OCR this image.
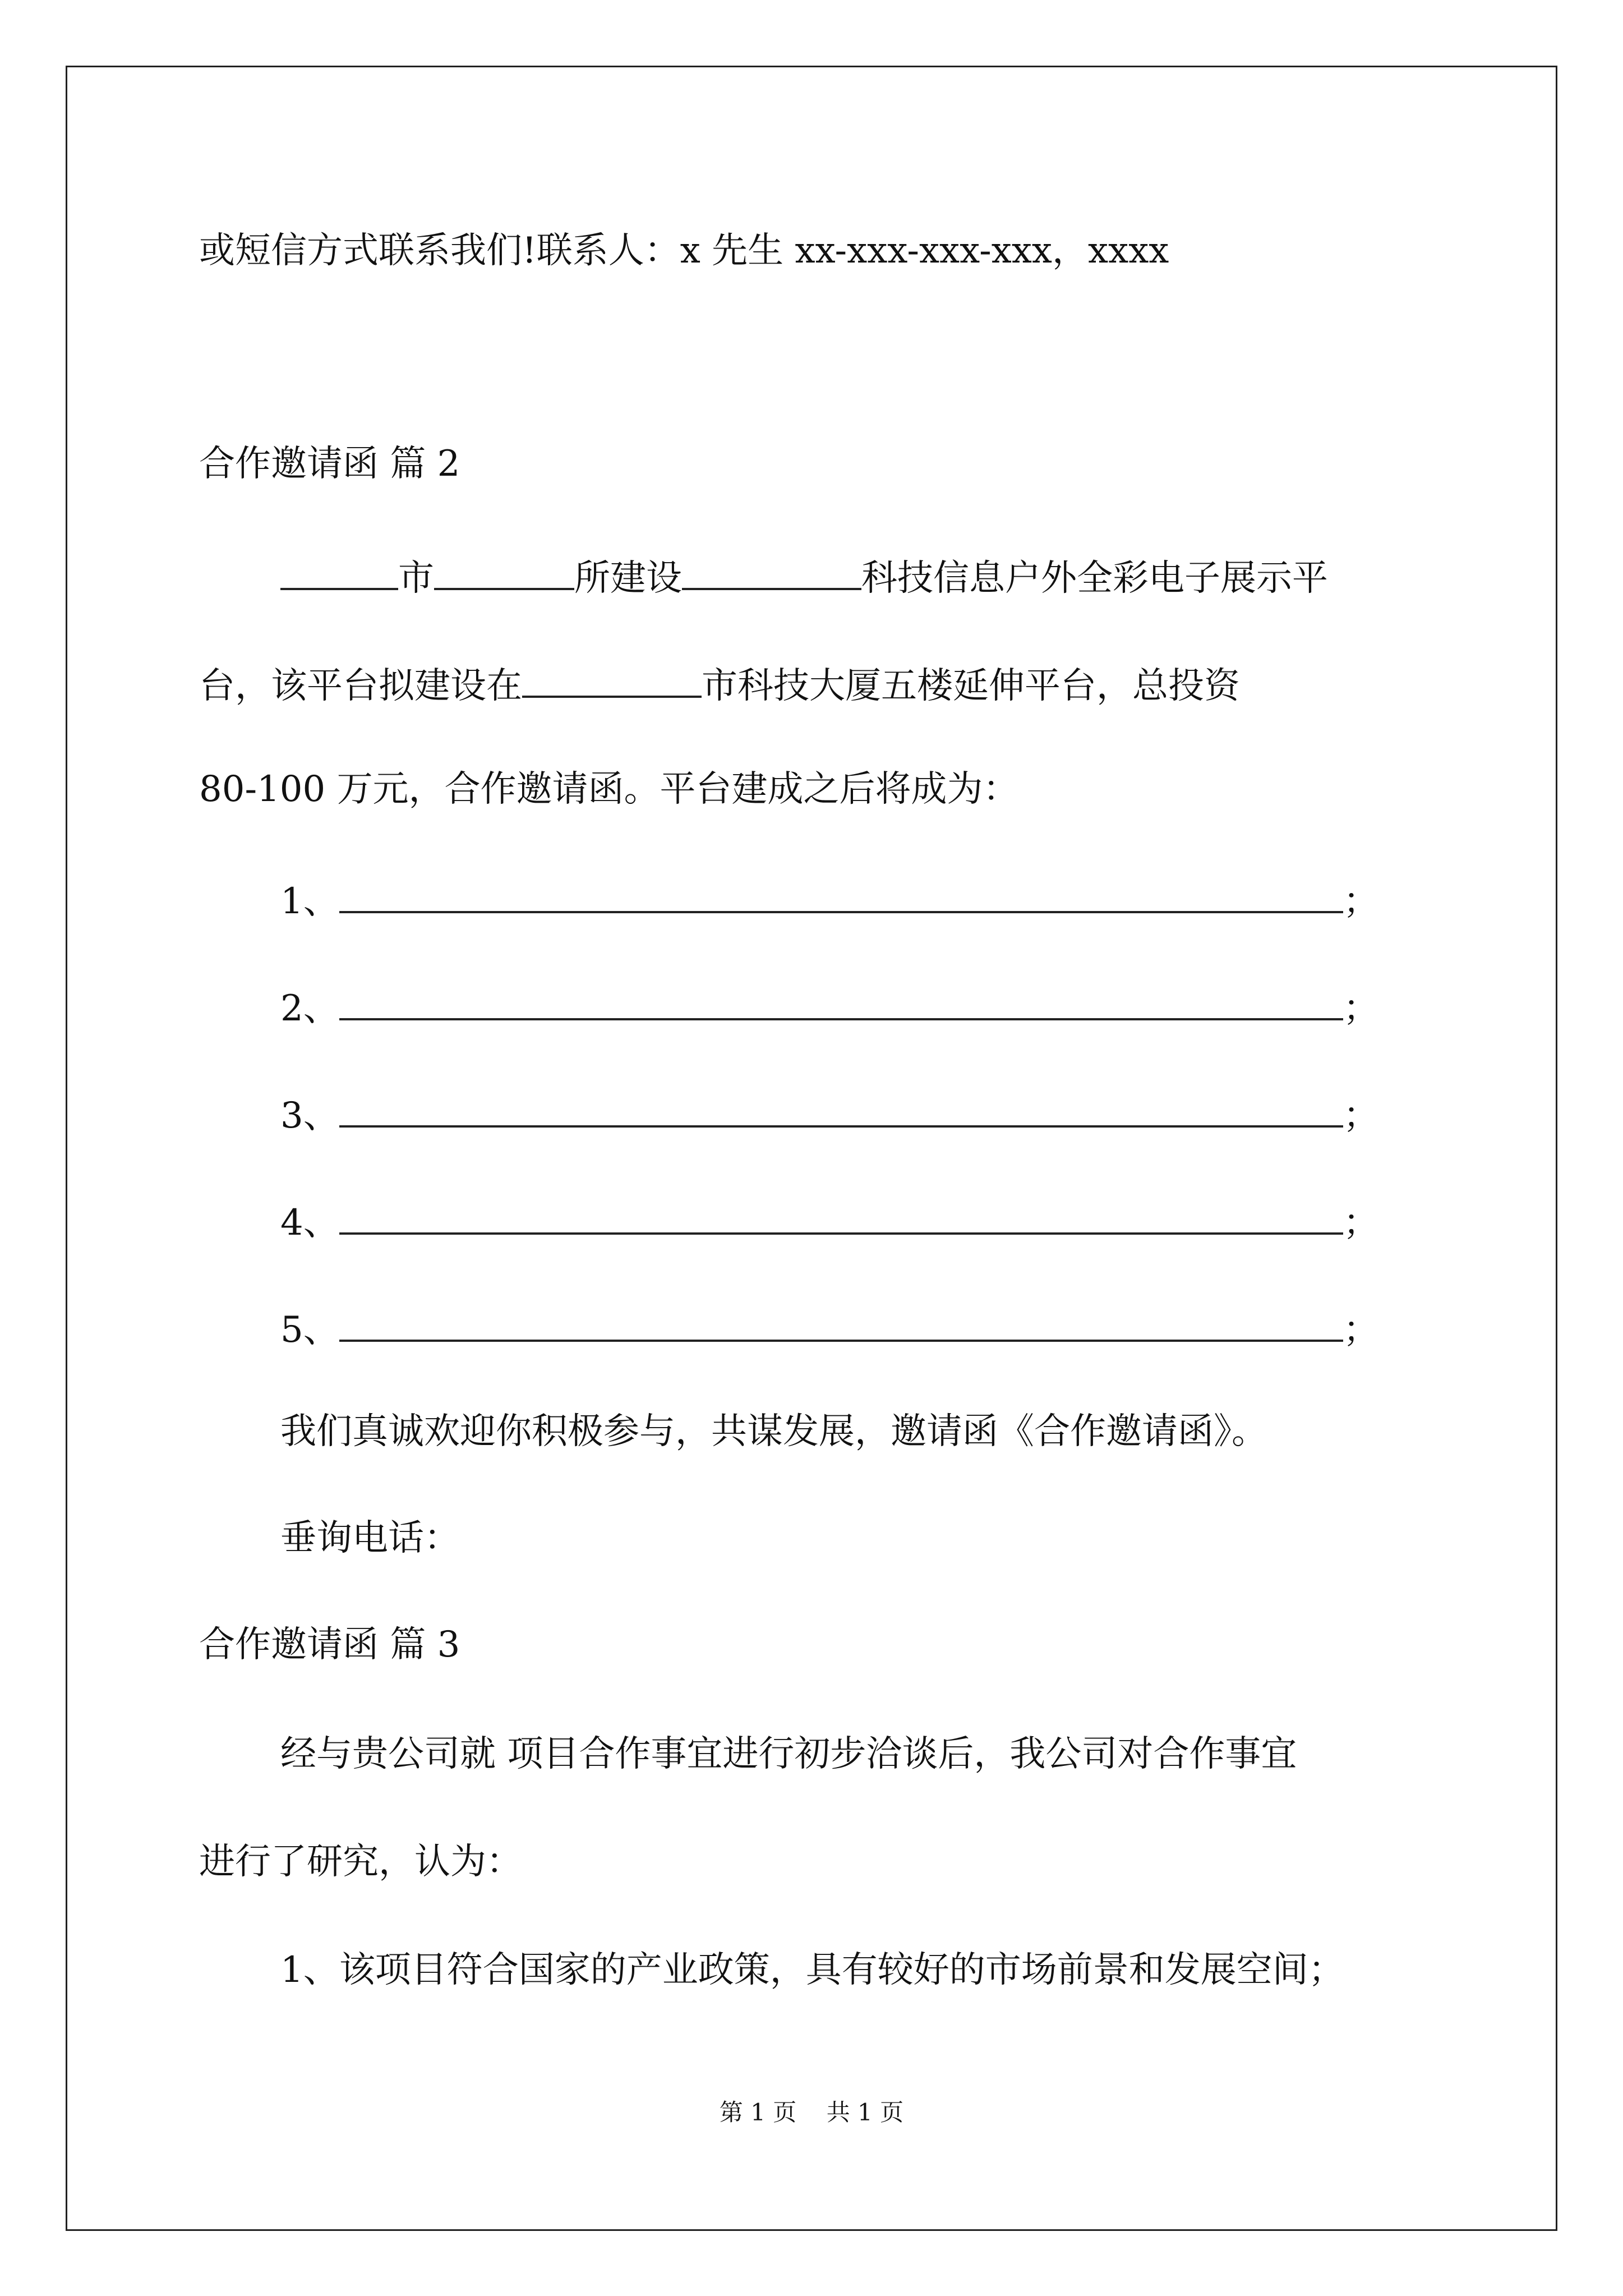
或短信方式联系我们!联系人：x 先生 xx-xxx-xxx-xxx，xxxx
合作邀请函 篇 2
市	所建设	科技信息户外全彩电子展示平
台，该平台拟建设在	市科技大厦五楼延伸平台，总投资
80-100 万元，合作邀请函。平台建成之后将成为：
1、	；
2、	；
3、	；
4、	；
5、	；
我们真诚欢迎你积极参与，共谋发展，邀请函《合作邀请函》。
垂询电话：
合作邀请函 篇 3
经与贵公司就 项目合作事宜进行初步洽谈后，我公司对合作事宜
进行了研究，认为：
1、该项目符合国家的产业政策，具有较好的市场前景和发展空间；
第 1 页 共 1 页
